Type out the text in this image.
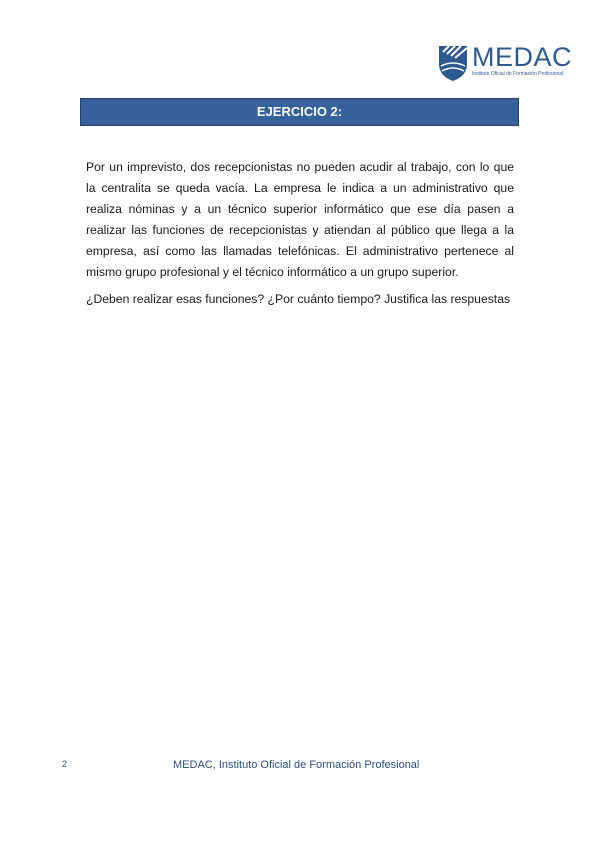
MEDAC
Instituto Oficial de Formación Profesional
EJERCICIO 2:

Por un imprevisto, dos recepcionistas no pueden acudir al trabajo, con lo que la centralita se queda vacía. La empresa le indica a un administrativo que realiza nóminas y a un técnico superior informático que ese día pasen a realizar las funciones de recepcionistas y atiendan al público que llega a la empresa, así como las llamadas telefónicas. El administrativo pertenece al mismo grupo profesional y el técnico informático a un grupo superior.

¿Deben realizar esas funciones? ¿Por cuánto tiempo? Justifica las respuestas

2	MEDAC, Instituto Oficial de Formación Profesional
